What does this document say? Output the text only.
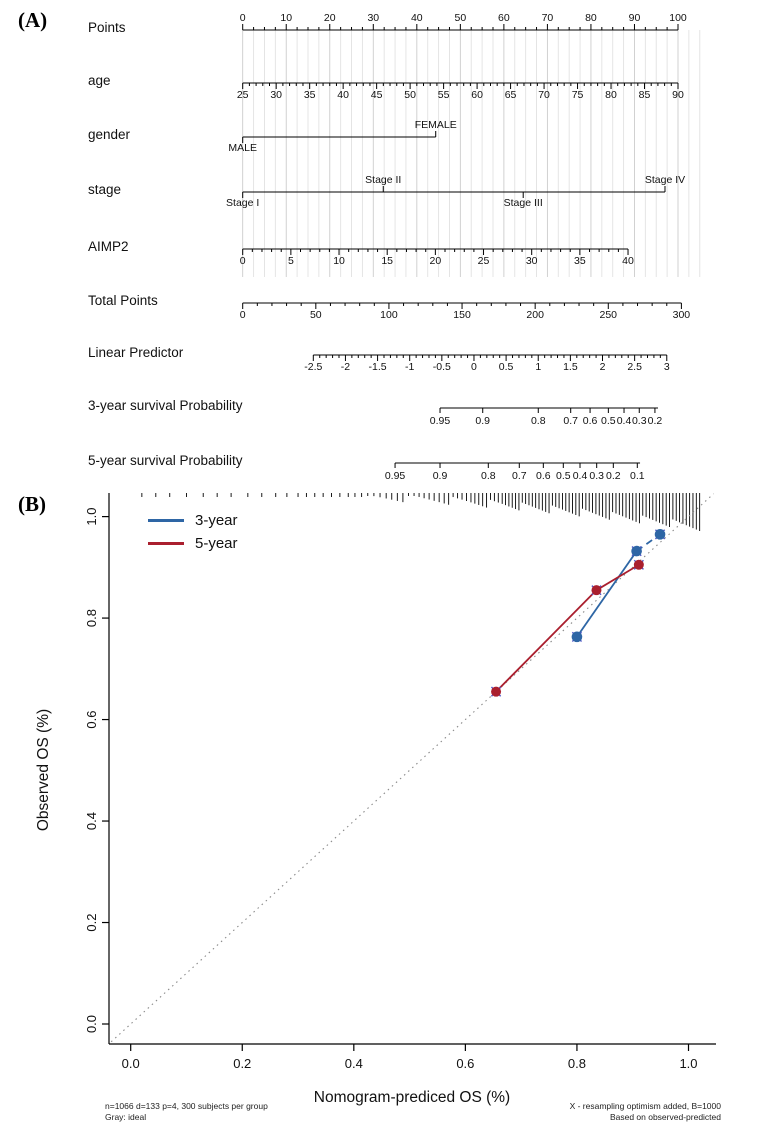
0	10	20	30	40	50	60	70	80	90	100
25 30 35 40 45 50 55 60 65 70 75 80 85 90
MALE
FEMALE
Stage I
Stage II
Stage III
Stage IV
0	5	10	15	20	25	30	35	40
0	50	100	150	200	250	300
-2.5 -2 -1.5 -1 -0.5 0 0.5 1 1.5 2 2.5 3
0.95 0.9	0.8 0.7 0.6 0.5 0.4 0.3 0.2
0.95	0.9	0.8 0.7 0.6 0.5 0.4 0.3 0.2 0.1
0.0	0.2	0.4	0.6	0.8	1.0
0.0
0.2
0.4
0.6
0.8
1.0
(A)
(B)
Points
age
gender
stage
AIMP2
Total Points
Linear Predictor
3-year survival Probability
5-year survival Probability
3-year
5-year
Nomogram-prediced OS (%)
Observed OS (%)
n=1066 d=133 p=4, 300 subjects per group
Gray: ideal
X - resampling optimism added, B=1000
Based on observed-predicted
